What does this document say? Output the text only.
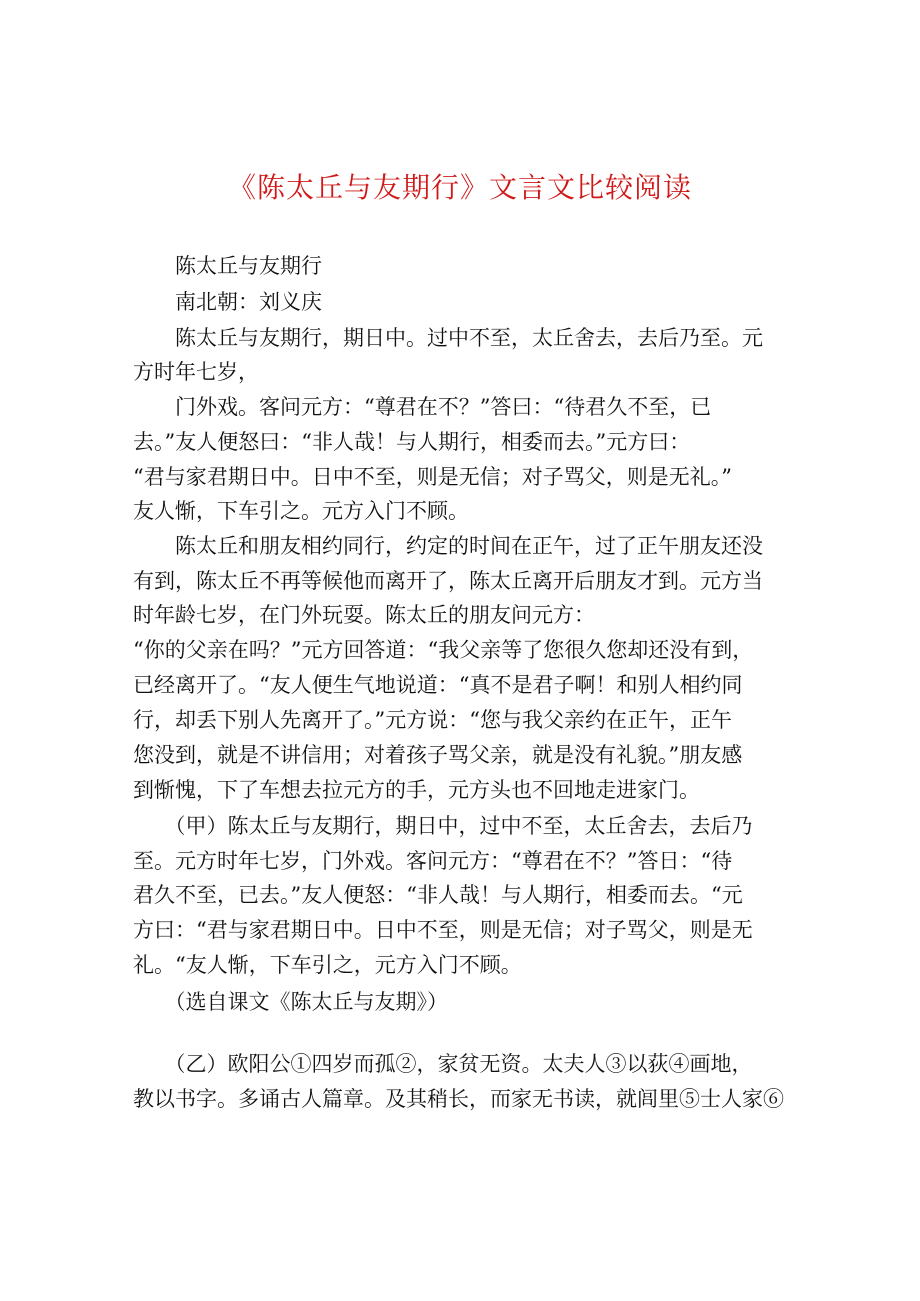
《陈太丘与友期行》文言文比较阅读

　　陈太丘与友期行

　　南北朝：刘义庆

　　陈太丘与友期行，期日中。过中不至，太丘舍去，去后乃至。元

方时年七岁，

　　门外戏。客问元方：“尊君在不？”答曰：“待君久不至，已

去。”友人便怒曰：“非人哉！与人期行，相委而去。”元方曰：

“君与家君期日中。日中不至，则是无信；对子骂父，则是无礼。”

友人惭，下车引之。元方入门不顾。

　　陈太丘和朋友相约同行，约定的时间在正午，过了正午朋友还没

有到，陈太丘不再等候他而离开了，陈太丘离开后朋友才到。元方当

时年龄七岁，在门外玩耍。陈太丘的朋友问元方：

“你的父亲在吗？”元方回答道：“我父亲等了您很久您却还没有到，

已经离开了。“友人便生气地说道：“真不是君子啊！和别人相约同

行，却丢下别人先离开了。”元方说：“您与我父亲约在正午，正午

您没到，就是不讲信用；对着孩子骂父亲，就是没有礼貌。”朋友感

到惭愧，下了车想去拉元方的手，元方头也不回地走进家门。

　　（甲）陈太丘与友期行，期日中，过中不至，太丘舍去，去后乃

至。元方时年七岁，门外戏。客问元方：“尊君在不？”答日：“待

君久不至，已去。”友人便怒：“非人哉！与人期行，相委而去。“元

方曰：“君与家君期日中。日中不至，则是无信；对子骂父，则是无

礼。“友人惭，下车引之，元方入门不顾。

　　（选自课文《陈太丘与友期》）

　　（乙）欧阳公①四岁而孤②，家贫无资。太夫人③以荻④画地，

教以书字。多诵古人篇章。及其稍长，而家无书读，就闾里⑤士人家⑥
